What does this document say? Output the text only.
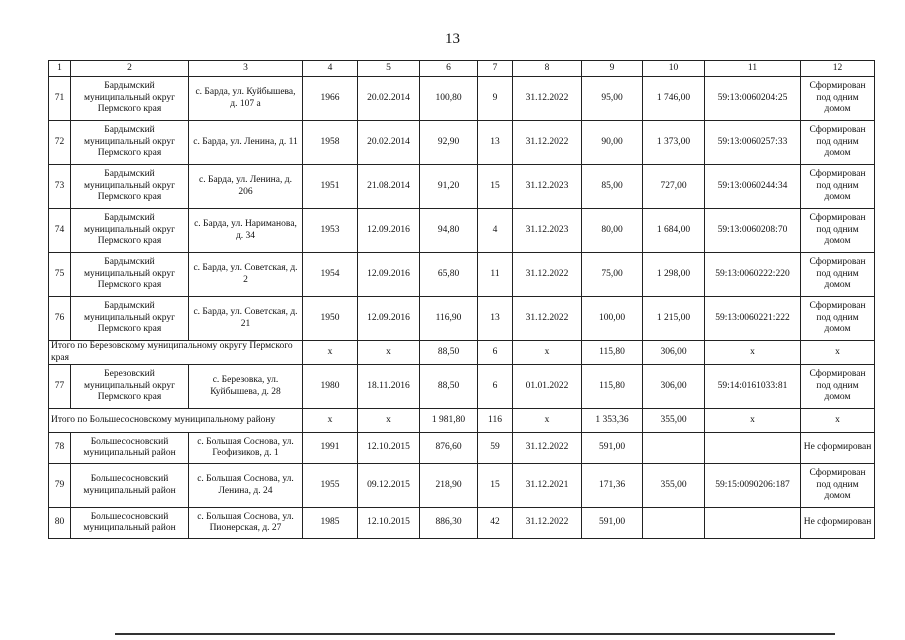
13
1	2	3	4	5	6	7	8	9	10	11	12
71	Бардымский муниципальный округ Пермского края	с. Барда, ул. Куйбышева, д. 107 а	1966	20.02.2014	100,80	9	31.12.2022	95,00	1 746,00	59:13:0060204:25	Сформирован под одним домом
72	Бардымский муниципальный округ Пермского края	с. Барда, ул. Ленина, д. 11	1958	20.02.2014	92,90	13	31.12.2022	90,00	1 373,00	59:13:0060257:33	Сформирован под одним домом
73	Бардымский муниципальный округ Пермского края	с. Барда, ул. Ленина, д. 206	1951	21.08.2014	91,20	15	31.12.2023	85,00	727,00	59:13:0060244:34	Сформирован под одним домом
74	Бардымский муниципальный округ Пермского края	с. Барда, ул. Наримановa, д. 34	1953	12.09.2016	94,80	4	31.12.2023	80,00	1 684,00	59:13:0060208:70	Сформирован под одним домом
75	Бардымский муниципальный округ Пермского края	с. Барда, ул. Советская, д. 2	1954	12.09.2016	65,80	11	31.12.2022	75,00	1 298,00	59:13:0060222:220	Сформирован под одним домом
76	Бардымский муниципальный округ Пермского края	с. Барда, ул. Советская, д. 21	1950	12.09.2016	116,90	13	31.12.2022	100,00	1 215,00	59:13:0060221:222	Сформирован под одним домом
Итого по Березовскому муниципальному округу Пермского края			x	x	88,50	6	x	115,80	306,00	x	x
77	Березовский муниципальный округ Пермского края	с. Березовка, ул. Куйбышева, д. 28	1980	18.11.2016	88,50	6	01.01.2022	115,80	306,00	59:14:0161033:81	Сформирован под одним домом
Итого по Большесосновскому муниципальному району			x	x	1 981,80	116	x	1 353,36	355,00	x	x
78	Большесосновский муниципальный район	с. Большая Соснова, ул. Геофизиков, д. 1	1991	12.10.2015	876,60	59	31.12.2022	591,00			Не сформирован
79	Большесосновский муниципальный район	с. Большая Соснова, ул. Ленина, д. 24	1955	09.12.2015	218,90	15	31.12.2021	171,36	355,00	59:15:0090206:187	Сформирован под одним домом
80	Большесосновский муниципальный район	с. Большая Соснова, ул. Пионерская, д. 27	1985	12.10.2015	886,30	42	31.12.2022	591,00			Не сформирован
